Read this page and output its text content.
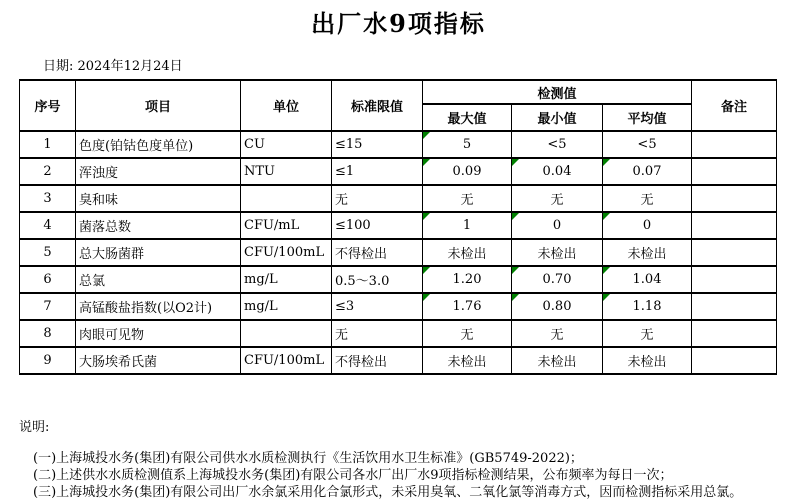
出厂水9项指标
日期: 2024年12月24日
序号	项目	单位	标准限值	检测值			备注
				最大值	最小值	平均值	
1	色度(铂钴色度单位)	CU	≤15	5	<5	<5	
2	浑浊度	NTU	≤1	0.09	0.04	0.07

3	臭和味		无	无	无	无	
4	菌落总数	CFU/mL	≤100	1	0	0

5	总大肠菌群	CFU/100mL	不得检出	未检出	未检出	未检出	
6	总氯	mg/L	0.5～3.0	1.20	0.70	1.04

7	高锰酸盐指数(以O2计)	mg/L	≤3	1.76	0.80	1.18

8	肉眼可见物		无	无	无	无	
9	大肠埃希氏菌	CFU/100mL	不得检出	未检出	未检出	未检出	
说明:
(一)上海城投水务(集团)有限公司供水水质检测执行《生活饮用水卫生标准》(GB5749-2022)；
(二)上述供水水质检测值系上海城投水务(集团)有限公司各水厂出厂水9项指标检测结果，公布频率为每日一次；
(三)上海城投水务(集团)有限公司出厂水余氯采用化合氯形式，未采用臭氧、二氧化氯等消毒方式，因而检测指标采用总氯。
